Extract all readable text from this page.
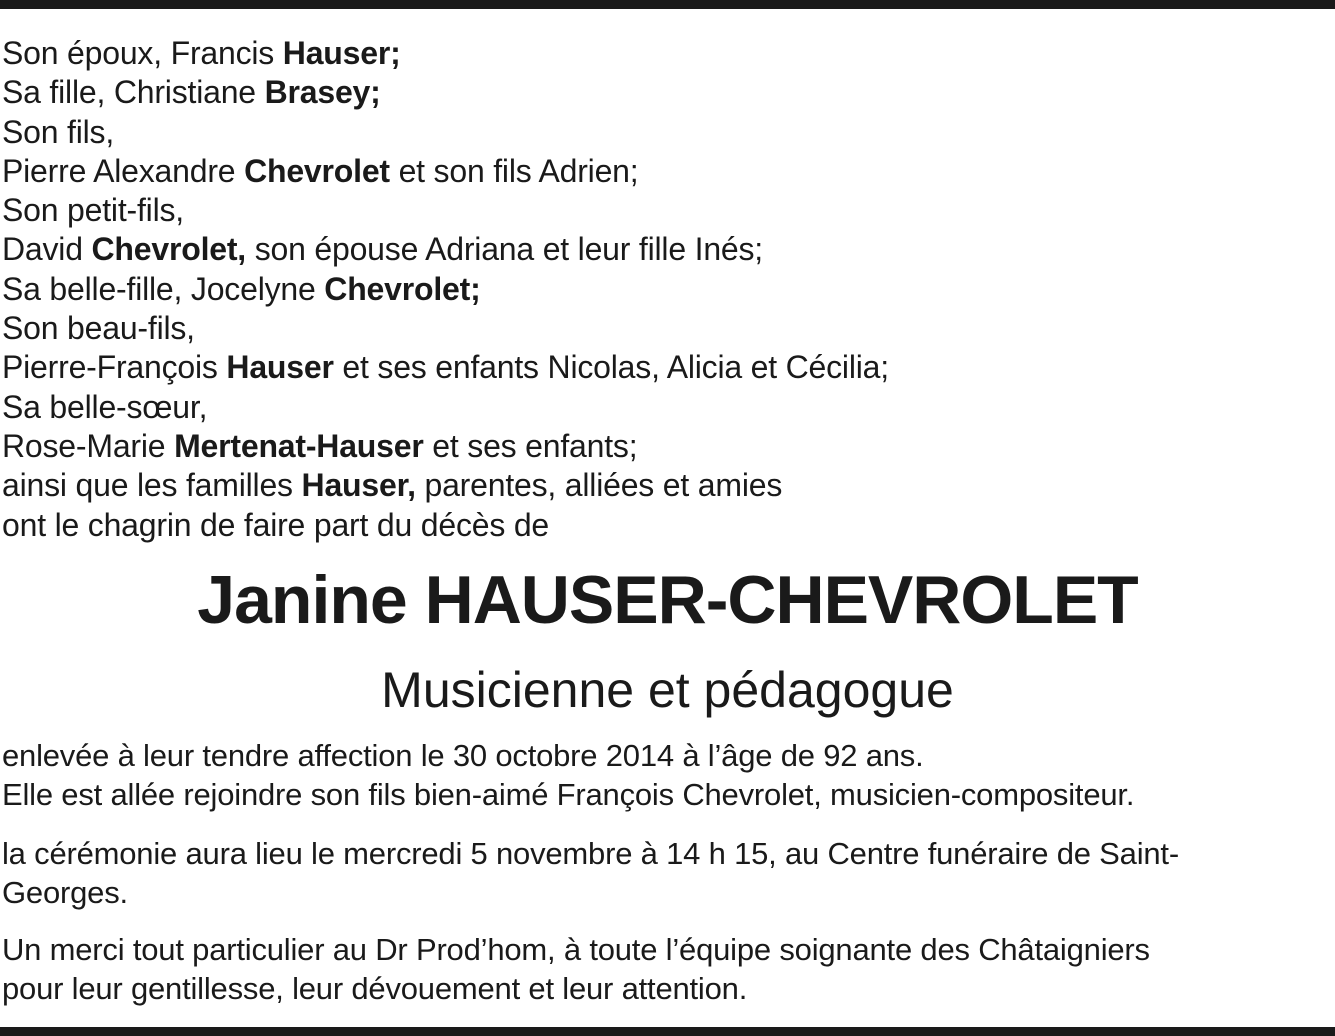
Son époux, Francis Hauser;
Sa fille, Christiane Brasey;
Son fils,
Pierre Alexandre Chevrolet et son fils Adrien;
Son petit-fils,
David Chevrolet, son épouse Adriana et leur fille Inés;
Sa belle-fille, Jocelyne Chevrolet;
Son beau-fils,
Pierre-François Hauser et ses enfants Nicolas, Alicia et Cécilia;
Sa belle-sœur,
Rose-Marie Mertenat-Hauser et ses enfants;
ainsi que les familles Hauser, parentes, alliées et amies
ont le chagrin de faire part du décès de
Janine HAUSER-CHEVROLET
Musicienne et pédagogue
enlevée à leur tendre affection le 30 octobre 2014 à l’âge de 92 ans.
Elle est allée rejoindre son fils bien-aimé François Chevrolet, musicien-compositeur.
la cérémonie aura lieu le mercredi 5 novembre à 14 h 15, au Centre funéraire de Saint-
Georges.
Un merci tout particulier au Dr Prod’hom, à toute l’équipe soignante des Châtaigniers
pour leur gentillesse, leur dévouement et leur attention.
